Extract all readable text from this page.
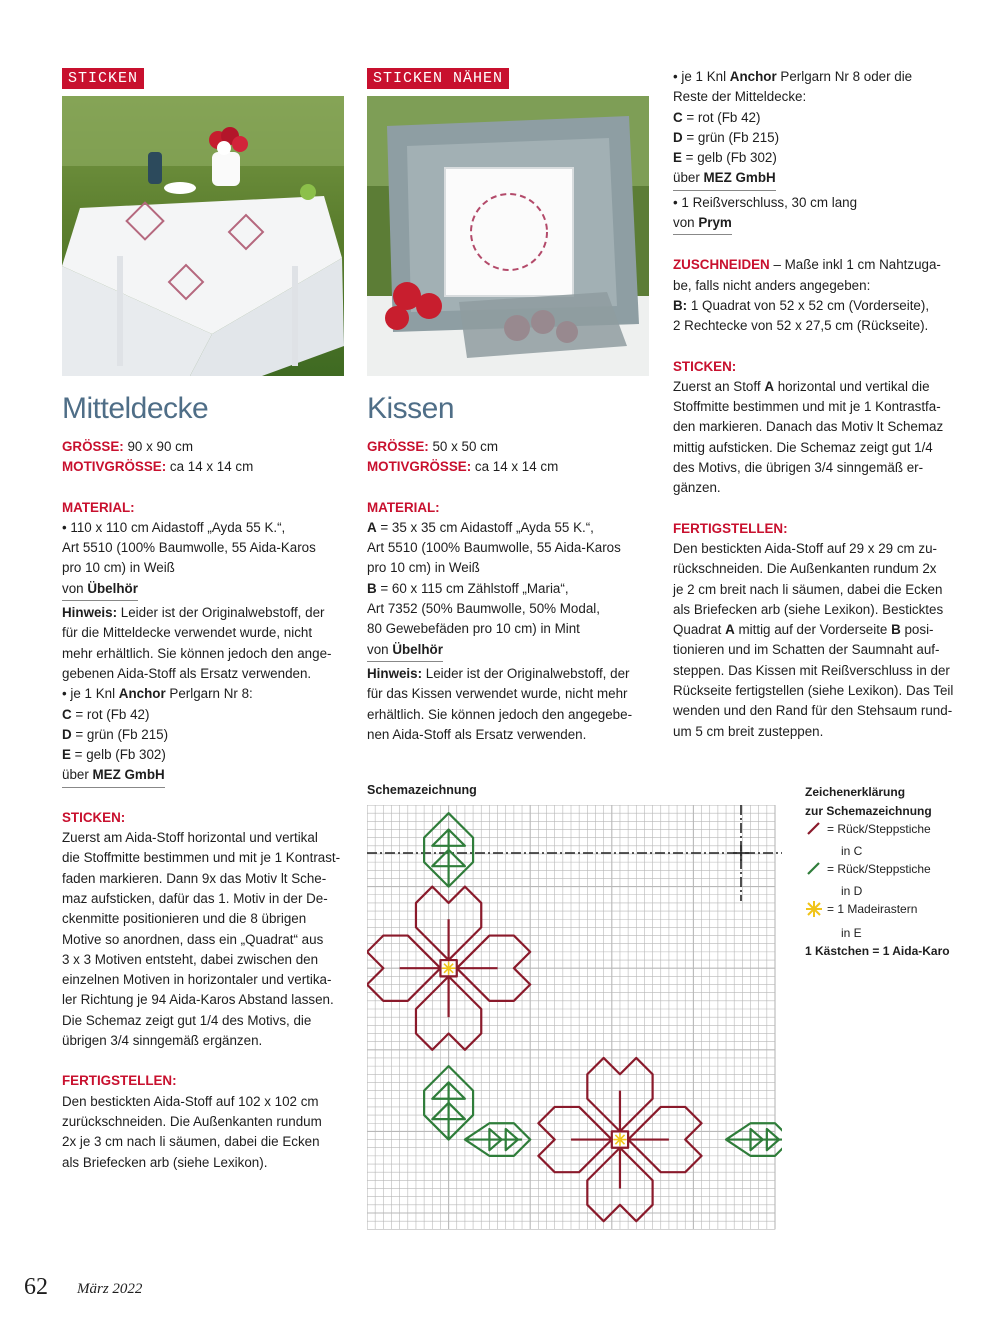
STICKEN
Mitteldecke
GRÖSSE: 90 x 90 cm
MOTIVGRÖSSE: ca 14 x 14 cm
MATERIAL:
• 110 x 110 cm Aidastoff „Ayda 55 K.“,
Art 5510 (100% Baumwolle, 55 Aida-Karos
pro 10 cm) in Weiß
von Übelhör
Hinweis: Leider ist der Originalwebstoff, der
für die Mitteldecke verwendet wurde, nicht
mehr erhältlich. Sie können jedoch den ange-
gebenen Aida-Stoff als Ersatz verwenden.
• je 1 Knl Anchor Perlgarn Nr 8:
C = rot (Fb 42)
D = grün (Fb 215)
E = gelb (Fb 302)
über MEZ GmbH
STICKEN:
Zuerst am Aida-Stoff horizontal und vertikal
die Stoffmitte bestimmen und mit je 1 Kontrast-
faden markieren. Dann 9x das Motiv lt Sche-
maz aufsticken, dafür das 1. Motiv in der De-
ckenmitte positionieren und die 8 übrigen
Motive so anordnen, dass ein „Quadrat“ aus
3 x 3 Motiven entsteht, dabei zwischen den
einzelnen Motiven in horizontaler und vertika-
ler Richtung je 94 Aida-Karos Abstand lassen.
Die Schemaz zeigt gut 1/4 des Motivs, die
übrigen 3/4 sinngemäß ergänzen.
FERTIGSTELLEN:
Den bestickten Aida-Stoff auf 102 x 102 cm
zurückschneiden. Die Außenkanten rundum
2x je 3 cm nach li säumen, dabei die Ecken
als Briefecken arb (siehe Lexikon).
STICKEN NÄHEN
Kissen
GRÖSSE: 50 x 50 cm
MOTIVGRÖSSE: ca 14 x 14 cm
MATERIAL:
A = 35 x 35 cm Aidastoff „Ayda 55 K.“,
Art 5510 (100% Baumwolle, 55 Aida-Karos
pro 10 cm) in Weiß
B = 60 x 115 cm Zählstoff „Maria“,
Art 7352 (50% Baumwolle, 50% Modal,
80 Gewebefäden pro 10 cm) in Mint
von Übelhör
Hinweis: Leider ist der Originalwebstoff, der
für das Kissen verwendet wurde, nicht mehr
erhältlich. Sie können jedoch den angegebe-
nen Aida-Stoff als Ersatz verwenden.
• je 1 Knl Anchor Perlgarn Nr 8 oder die
Reste der Mitteldecke:
C = rot (Fb 42)
D = grün (Fb 215)
E = gelb (Fb 302)
über MEZ GmbH
• 1 Reißverschluss, 30 cm lang
von Prym
ZUSCHNEIDEN – Maße inkl 1 cm Nahtzuga-
be, falls nicht anders angegeben:
B: 1 Quadrat von 52 x 52 cm (Vorderseite),
2 Rechtecke von 52 x 27,5 cm (Rückseite).
STICKEN:
Zuerst an Stoff A horizontal und vertikal die
Stoffmitte bestimmen und mit je 1 Kontrastfa-
den markieren. Danach das Motiv lt Schemaz
mittig aufsticken. Die Schemaz zeigt gut 1/4
des Motivs, die übrigen 3/4 sinngemäß er-
gänzen.
FERTIGSTELLEN:
Den bestickten Aida-Stoff auf 29 x 29 cm zu-
rückschneiden. Die Außenkanten rundum 2x
je 2 cm breit nach li säumen, dabei die Ecken
als Briefecken arb (siehe Lexikon). Besticktes
Quadrat A mittig auf der Vorderseite B posi-
tionieren und im Schatten der Saumnaht auf-
steppen. Das Kissen mit Reißverschluss in der
Rückseite fertigstellen (siehe Lexikon). Das Teil
wenden und den Rand für den Stehsaum rund-
um 5 cm breit zusteppen.
Schemazeichnung	Zeichenerklärung
zur Schemazeichnung
= Rück/Steppstiche
in C
= Rück/Steppstiche
in D
= 1 Madeirastern
in E
1 Kästchen = 1 Aida-Karo
62 März 2022
